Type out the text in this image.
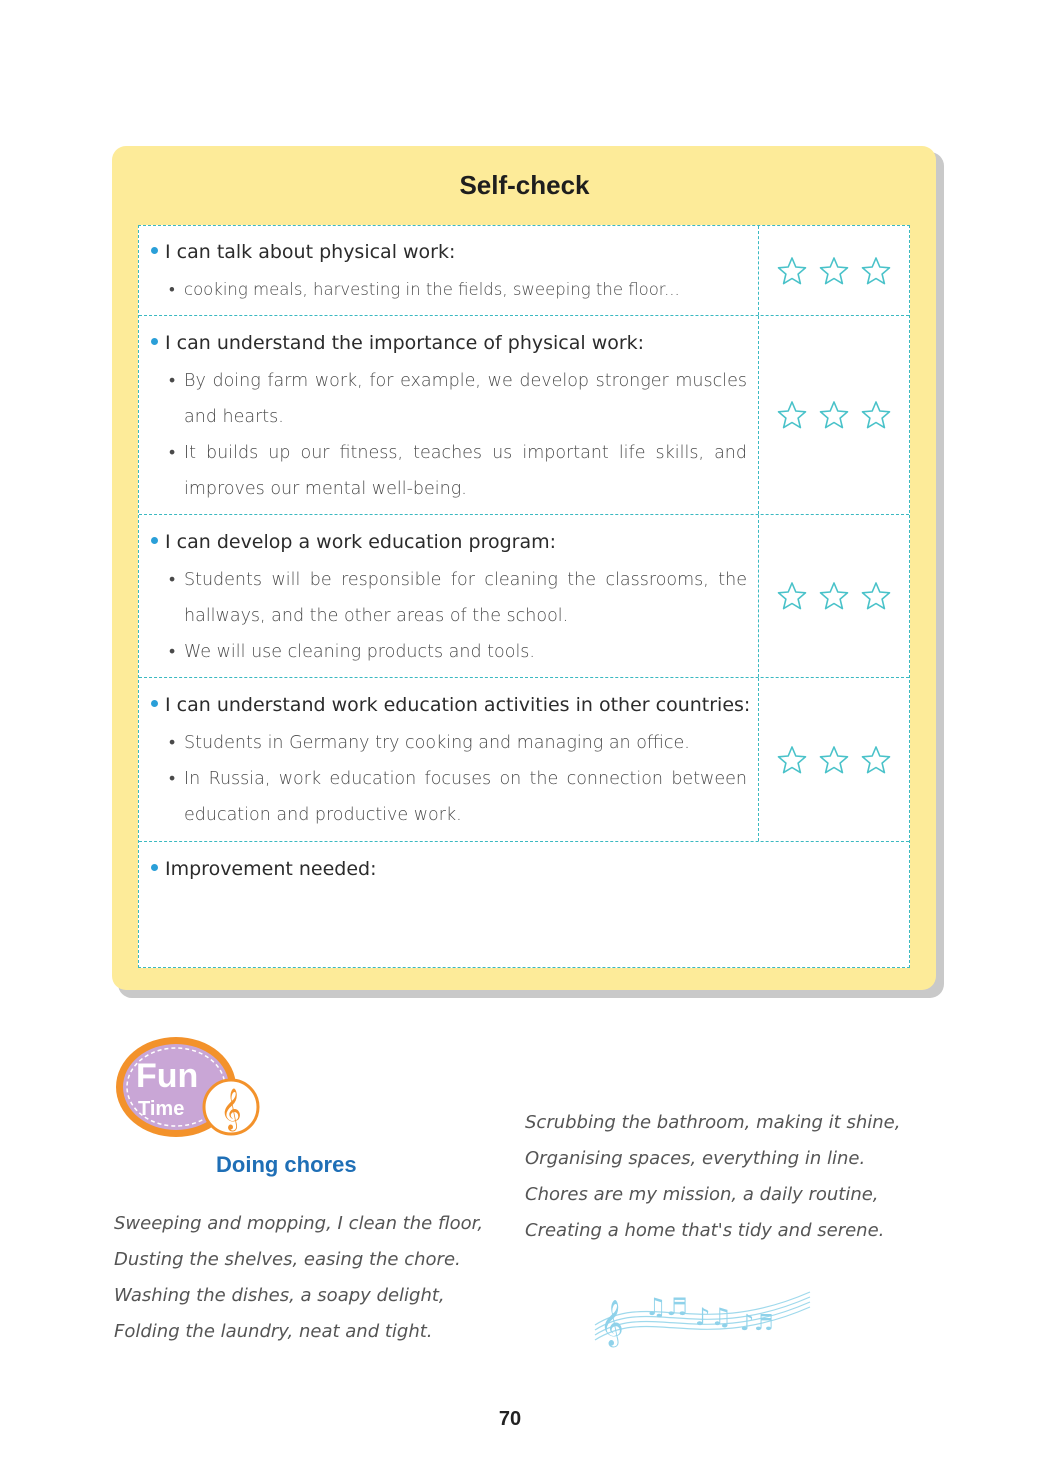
Self-check
I can talk about physical work:
• cooking meals, harvesting in the fields, sweeping the floor...
I can understand the importance of physical work:
• By doing farm work, for example, we develop stronger muscles and hearts.
• It builds up our fitness, teaches us important life skills, and improves our mental well-being.
I can develop a work education program:
• Students will be responsible for cleaning the classrooms, the hallways, and the other areas of the school.
• We will use cleaning products and tools.
I can understand work education activities in other countries:
• Students in Germany try cooking and managing an office.
• In Russia, work education focuses on the connection between education and productive work.
Improvement needed:
Fun
Time 𝄞
Doing chores
Sweeping and mopping, I clean the floor,
Dusting the shelves, easing the chore.
Washing the dishes, a soapy delight,
Folding the laundry, neat and tight.
Scrubbing the bathroom, making it shine,
Organising spaces, everything in line.
Chores are my mission, a daily routine,
Creating a home that's tidy and serene.
𝄞 ♫♬ ♪♫ ♪♬
70
